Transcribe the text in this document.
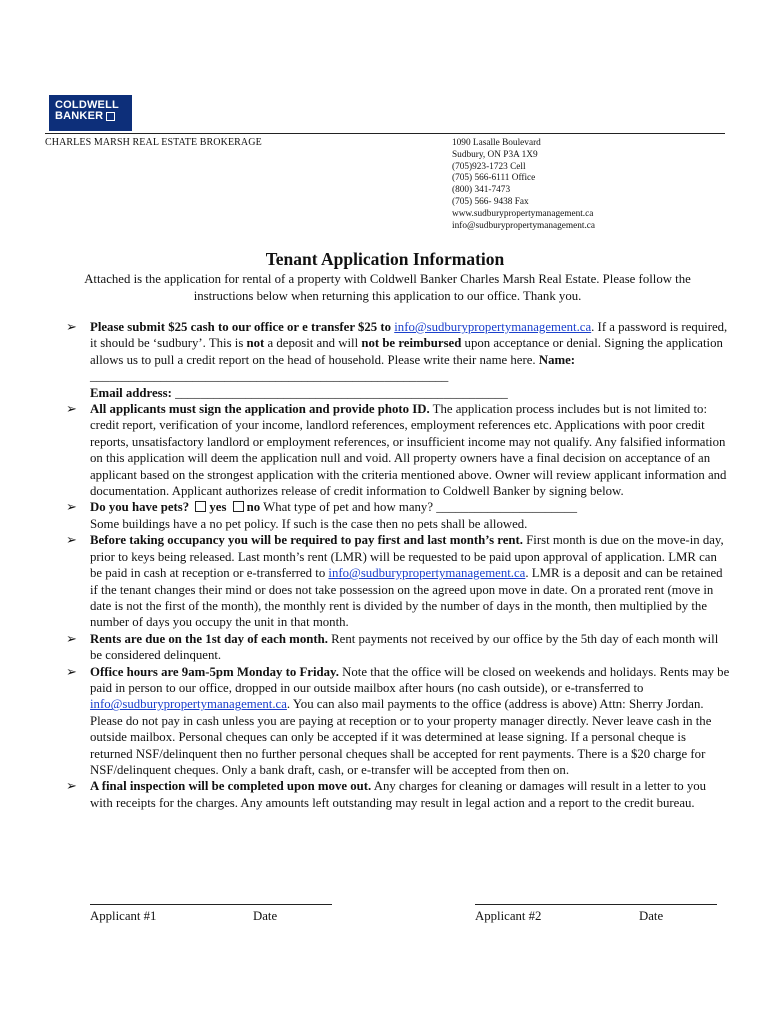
COLDWELL
BANKER
CHARLES MARSH REAL ESTATE BROKERAGE	1090 Lasalle Boulevard
Sudbury, ON P3A 1X9
(705)923-1723 Cell
(705) 566-6111 Office
(800) 341-7473
(705) 566- 9438 Fax
www.sudburypropertymanagement.ca
info@sudburypropertymanagement.ca
Tenant Application Information
Attached is the application for rental of a property with Coldwell Banker Charles Marsh Real Estate. Please follow the instructions below when returning this application to our office. Thank you.
➢ Please submit $25 cash to our office or e transfer $25 to info@sudburypropertymanagement.ca. If a password is required, it should be ‘sudbury’. This is not a deposit and will not be reimbursed upon acceptance or denial. Signing the application allows us to pull a credit report on the head of household. Please write their name here. Name: ________________________________________________________
Email address: ____________________________________________________
➢ All applicants must sign the application and provide photo ID. The application process includes but is not limited to: credit report, verification of your income, landlord references, employment references etc. Applications with poor credit reports, unsatisfactory landlord or employment references, or insufficient income may not qualify. Any falsified information on this application will deem the application null and void. All property owners have a final decision on acceptance of an applicant based on the strongest application with the criteria mentioned above. Owner will review applicant information and documentation. Applicant authorizes release of credit information to Coldwell Banker by signing below.
➢ Do you have pets? yes no What type of pet and how many? ______________________
Some buildings have a no pet policy. If such is the case then no pets shall be allowed.
➢ Before taking occupancy you will be required to pay first and last month’s rent. First month is due on the move-in day, prior to keys being released. Last month’s rent (LMR) will be requested to be paid upon approval of application. LMR can be paid in cash at reception or e-transferred to info@sudburypropertymanagement.ca. LMR is a deposit and can be retained if the tenant changes their mind or does not take possession on the agreed upon move in date. On a prorated rent (move in date is not the first of the month), the monthly rent is divided by the number of days in the month, then multiplied by the number of days you occupy the unit in that month.
➢ Rents are due on the 1st day of each month. Rent payments not received by our office by the 5th day of each month will be considered delinquent.
➢ Office hours are 9am-5pm Monday to Friday. Note that the office will be closed on weekends and holidays. Rents may be paid in person to our office, dropped in our outside mailbox after hours (no cash outside), or e-transferred to info@sudburypropertymanagement.ca. You can also mail payments to the office (address is above) Attn: Sherry Jordan. Please do not pay in cash unless you are paying at reception or to your property manager directly. Never leave cash in the outside mailbox. Personal cheques can only be accepted if it was determined at lease signing. If a personal cheque is returned NSF/delinquent then no further personal cheques shall be accepted for rent payments. There is a $20 charge for NSF/delinquent cheques. Only a bank draft, cash, or e-transfer will be accepted from then on.
➢ A final inspection will be completed upon move out. Any charges for cleaning or damages will result in a letter to you with receipts for the charges. Any amounts left outstanding may result in legal action and a report to the credit bureau.
Applicant #1	Date	Applicant #2	Date
